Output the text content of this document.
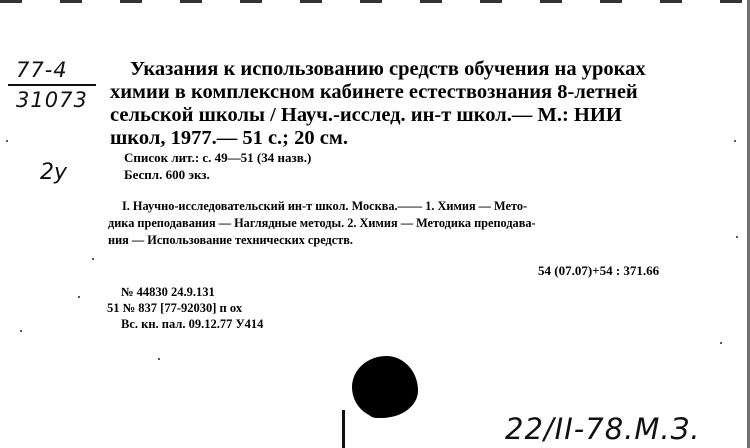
77-4
31073
2у
Указания к использованию средств обучения на уроках
химии в комплексном кабинете естествознания 8-летней
сельской школы / Науч.-исслед. ин-т школ.— М.: НИИ
школ, 1977.— 51 с.; 20 см.
Список лит.: с. 49—51 (34 назв.)
Беспл. 600 экз.
I. Научно-исследовательский ин-т школ. Москва.—— 1. Химия — Мето-
дика преподавания — Наглядные методы. 2. Химия — Методика преподава-
ния — Использование технических средств.
54 (07.07)+54 : 371.66
№ 44830 24.9.131
51 № 837 [77-92030] п ох
Вс. кн. пал. 09.12.77 У414
22/II-78.М.З.
